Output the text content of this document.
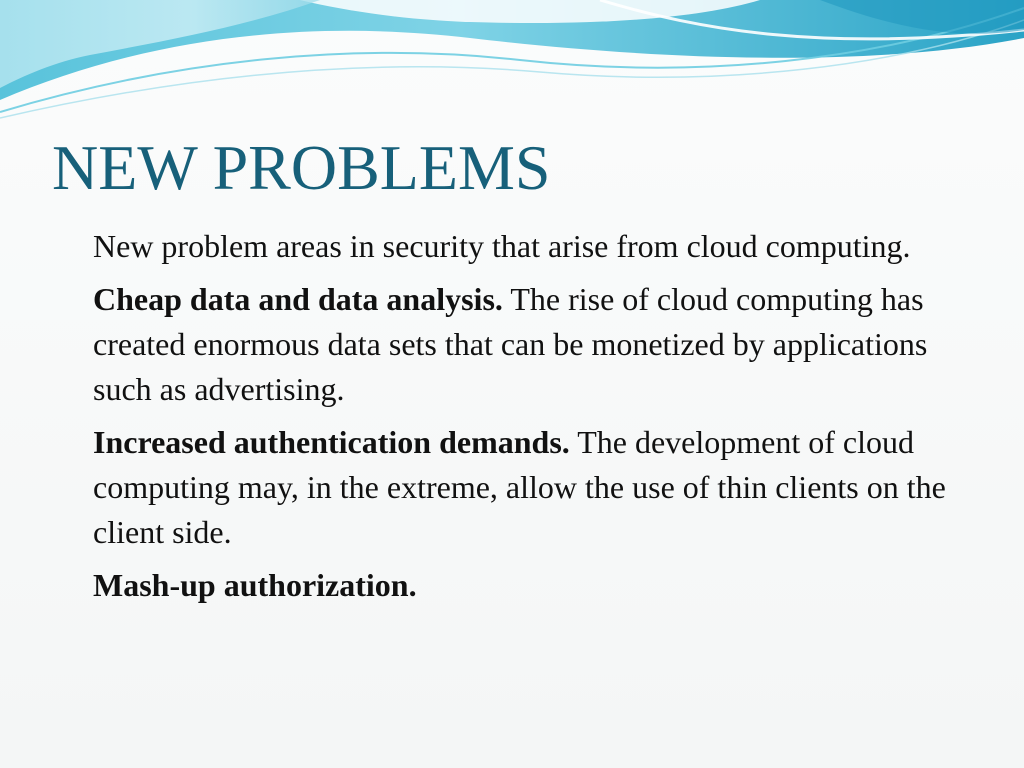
NEW PROBLEMS

New problem areas in security that arise from cloud computing.

Cheap data and data analysis. The rise of cloud computing has created enormous data sets that can be monetized by applications such as advertising.

Increased authentication demands. The development of cloud computing may, in the extreme, allow the use of thin clients on the client side.

Mash-up authorization.
